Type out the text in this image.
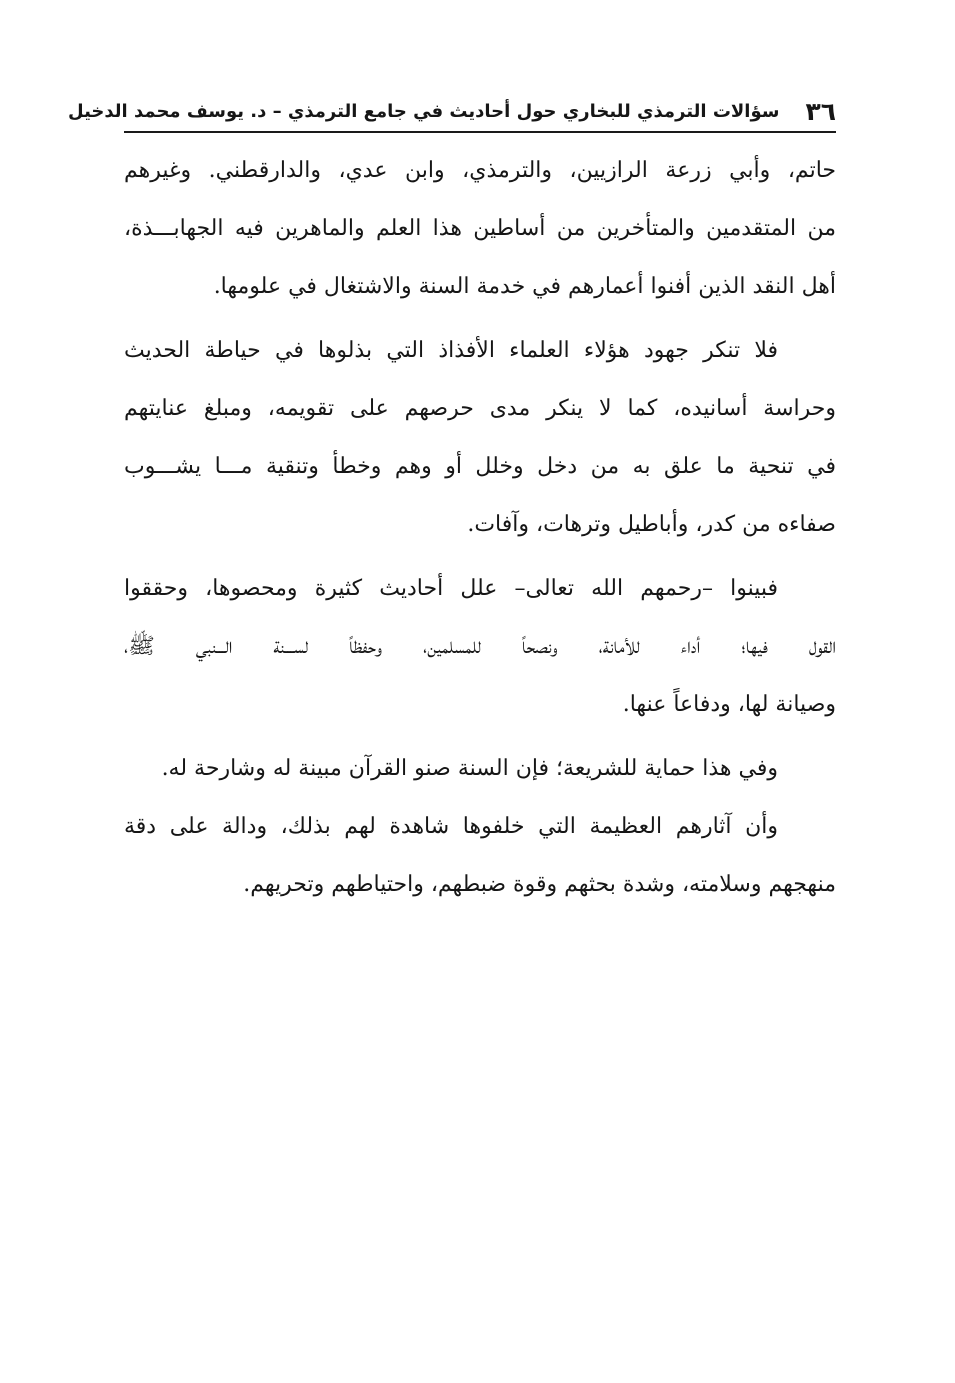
٣٦
سؤالات الترمذي للبخاري حول أحاديث في جامع الترمذي – د. يوسف محمد الدخيل
حاتم، وأبي زرعة الرازيين، والترمذي، وابن عدي، والدارقطني. وغيرهم
من المتقدمين والمتأخرين من أساطين هذا العلم والماهرين فيه الجهابـــذة،
أهل النقد الذين أفنوا أعمارهم في خدمة السنة والاشتغال في علومها.
فلا تنكر جهود هؤلاء العلماء الأفذاذ التي بذلوها في حياطة الحديث
وحراسة أسانيده، كما لا ينكر مدى حرصهم على تقويمه، ومبلغ عنايتهم
في تنحية ما علق به من دخل وخلل أو وهم وخطأ وتنقية مـــا يشـــوب
صفاءه من كدر، وأباطيل وترهات، وآفات.
فبينوا –رحمهم الله تعالى– علل أحاديث كثيرة ومحصوها، وحققوا
القول فيها؛ أداء للأمانة، ونصحاً للمسلمين، وحفظاً لســـنة الـــنبي ﷺ،
وصيانة لها، ودفاعاً عنها.
وفي هذا حماية للشريعة؛ فإن السنة صنو القرآن مبينة له وشارحة له.
وأن آثارهم العظيمة التي خلفوها شاهدة لهم بذلك، ودالة على دقة
منهجهم وسلامته، وشدة بحثهم وقوة ضبطهم، واحتياطهم وتحريهم.
